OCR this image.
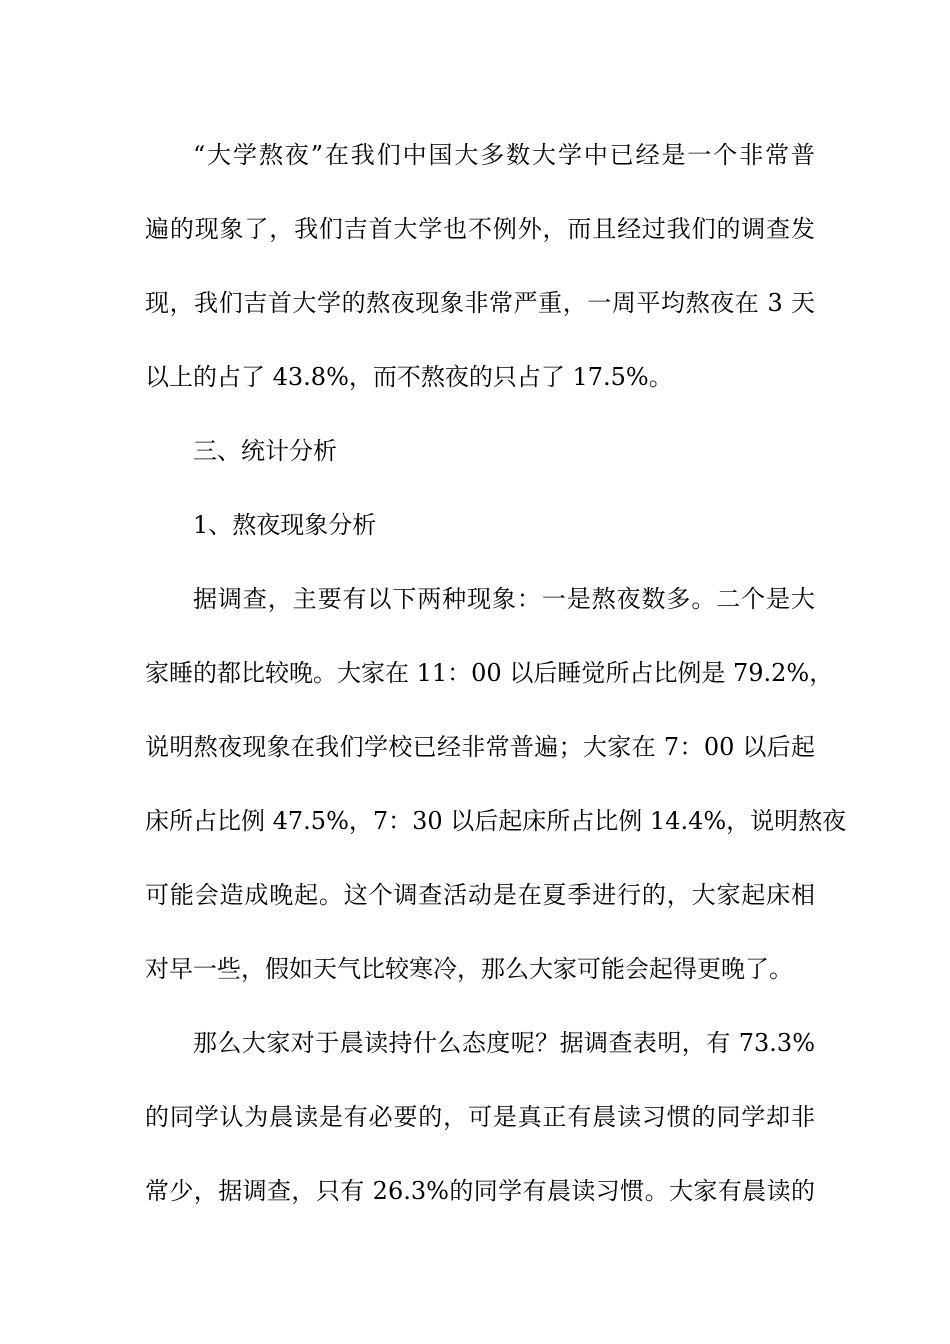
“大学熬夜”在我们中国大多数大学中已经是一个非常普
遍的现象了，我们吉首大学也不例外，而且经过我们的调查发
现，我们吉首大学的熬夜现象非常严重，一周平均熬夜在 3 天
以上的占了 43.8%，而不熬夜的只占了 17.5%。
三、统计分析
1、熬夜现象分析
据调查，主要有以下两种现象：一是熬夜数多。二个是大
家睡的都比较晚。大家在 11：00 以后睡觉所占比例是 79.2%，
说明熬夜现象在我们学校已经非常普遍；大家在 7：00 以后起
床所占比例 47.5%，7：30 以后起床所占比例 14.4%，说明熬夜
可能会造成晚起。这个调查活动是在夏季进行的，大家起床相
对早一些，假如天气比较寒冷，那么大家可能会起得更晚了。
那么大家对于晨读持什么态度呢？据调查表明，有 73.3%
的同学认为晨读是有必要的，可是真正有晨读习惯的同学却非
常少，据调查，只有 26.3%的同学有晨读习惯。大家有晨读的
